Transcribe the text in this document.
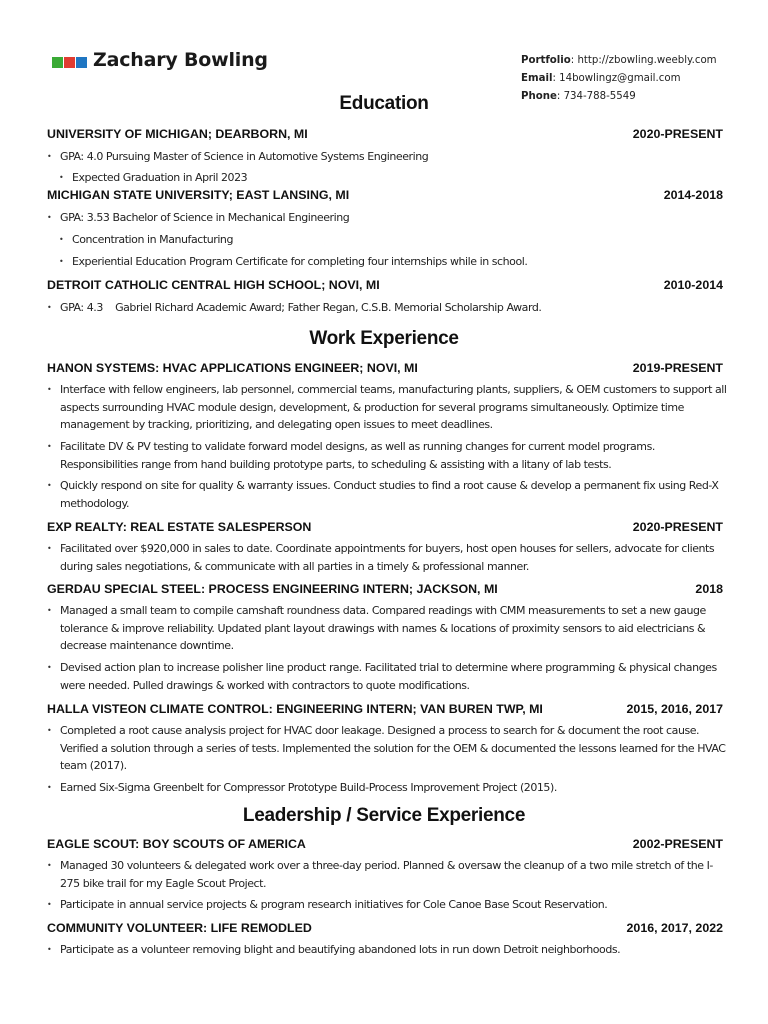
Zachary Bowling	Portfolio: http://zbowling.weebly.com
Email: 14bowlingz@gmail.com
Phone: 734-788-5549
Education
UNIVERSITY OF MICHIGAN; DEARBORN, MI	2020-PRESENT
• GPA: 4.0 Pursuing Master of Science in Automotive Systems Engineering
• Expected Graduation in April 2023
MICHIGAN STATE UNIVERSITY; EAST LANSING, MI	2014-2018
• GPA: 3.53 Bachelor of Science in Mechanical Engineering
• Concentration in Manufacturing
• Experiential Education Program Certificate for completing four internships while in school.
DETROIT CATHOLIC CENTRAL HIGH SCHOOL; NOVI, MI	2010-2014
• GPA: 4.3    Gabriel Richard Academic Award; Father Regan, C.S.B. Memorial Scholarship Award.
Work Experience
HANON SYSTEMS: HVAC APPLICATIONS ENGINEER; NOVI, MI	2019-PRESENT
• Interface with fellow engineers, lab personnel, commercial teams, manufacturing plants, suppliers, & OEM customers to support all aspects surrounding HVAC module design, development, & production for several programs simultaneously. Optimize time management by tracking, prioritizing, and delegating open issues to meet deadlines.
• Facilitate DV & PV testing to validate forward model designs, as well as running changes for current model programs. Responsibilities range from hand building prototype parts, to scheduling & assisting with a litany of lab tests.
• Quickly respond on site for quality & warranty issues. Conduct studies to find a root cause & develop a permanent fix using Red-X methodology.
EXP REALTY: REAL ESTATE SALESPERSON	2020-PRESENT
• Facilitated over $920,000 in sales to date. Coordinate appointments for buyers, host open houses for sellers, advocate for clients during sales negotiations, & communicate with all parties in a timely & professional manner.
GERDAU SPECIAL STEEL: PROCESS ENGINEERING INTERN; JACKSON, MI	2018
• Managed a small team to compile camshaft roundness data. Compared readings with CMM measurements to set a new gauge tolerance & improve reliability. Updated plant layout drawings with names & locations of proximity sensors to aid electricians & decrease maintenance downtime.
• Devised action plan to increase polisher line product range. Facilitated trial to determine where programming & physical changes were needed. Pulled drawings & worked with contractors to quote modifications.
HALLA VISTEON CLIMATE CONTROL: ENGINEERING INTERN; VAN BUREN TWP, MI	2015, 2016, 2017
• Completed a root cause analysis project for HVAC door leakage. Designed a process to search for & document the root cause. Verified a solution through a series of tests. Implemented the solution for the OEM & documented the lessons learned for the HVAC team (2017).
• Earned Six-Sigma Greenbelt for Compressor Prototype Build-Process Improvement Project (2015).
Leadership / Service Experience
EAGLE SCOUT: BOY SCOUTS OF AMERICA	2002-PRESENT
• Managed 30 volunteers & delegated work over a three-day period. Planned & oversaw the cleanup of a two mile stretch of the I-275 bike trail for my Eagle Scout Project.
• Participate in annual service projects & program research initiatives for Cole Canoe Base Scout Reservation.
COMMUNITY VOLUNTEER: LIFE REMODLED	2016, 2017, 2022
• Participate as a volunteer removing blight and beautifying abandoned lots in run down Detroit neighborhoods.
